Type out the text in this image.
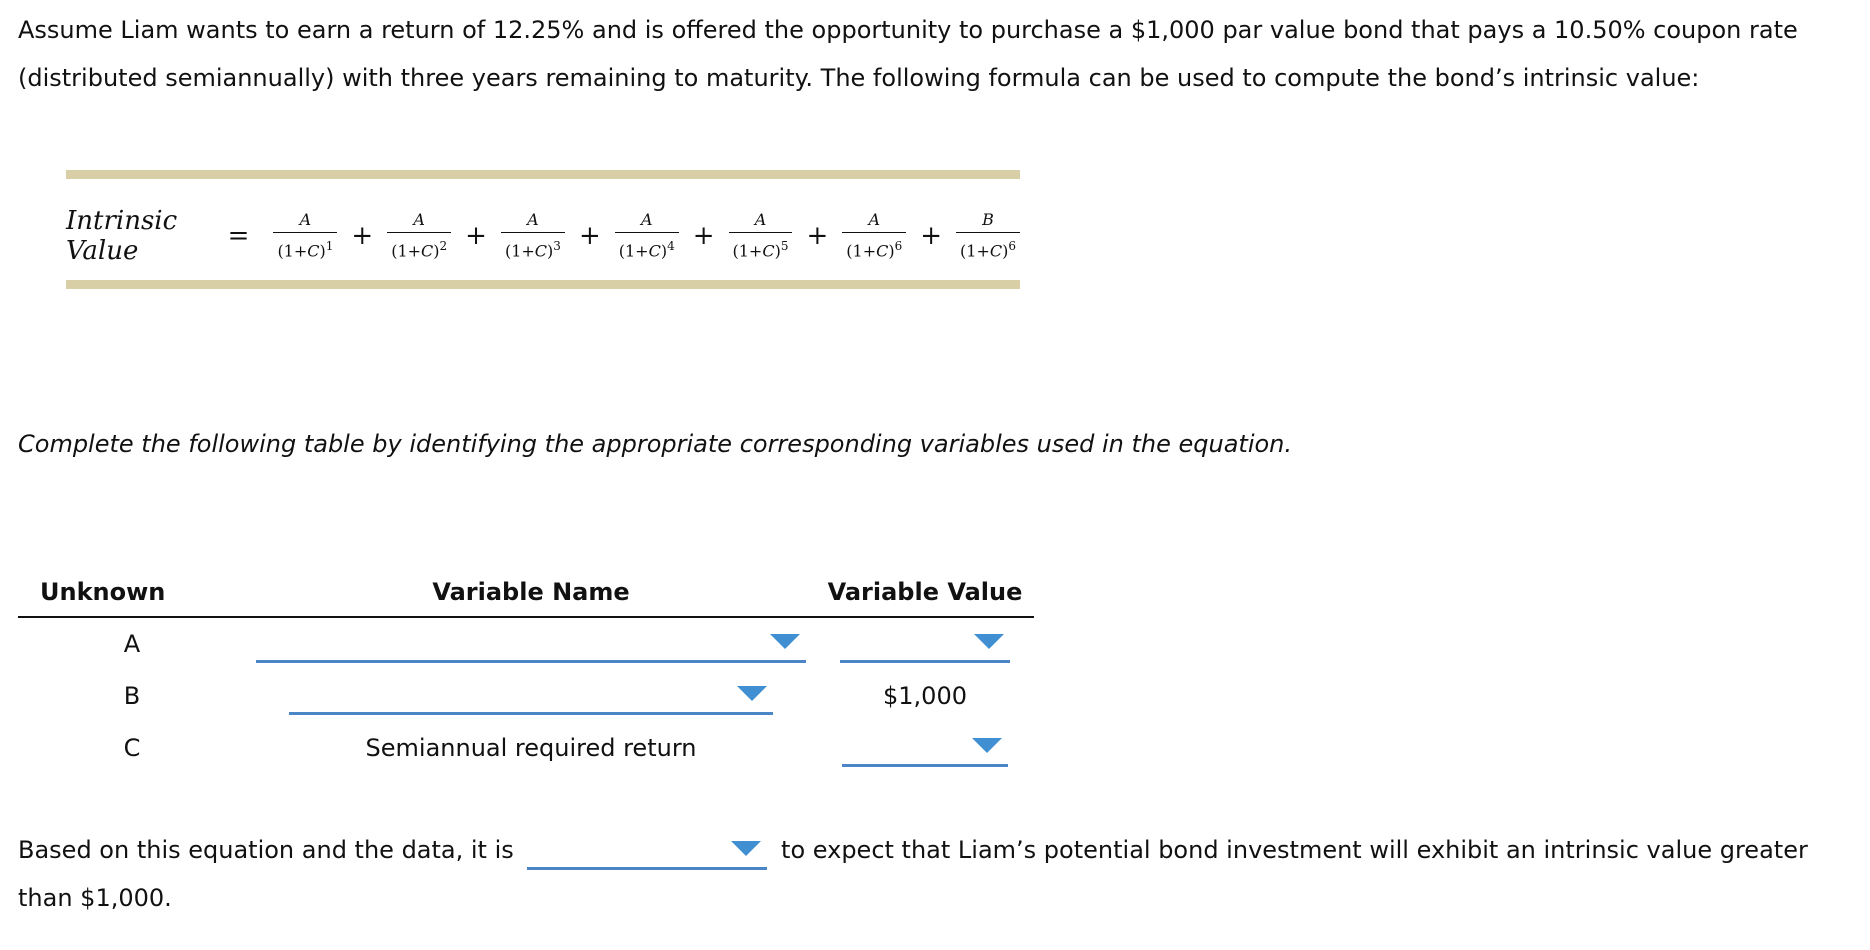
Assume Liam wants to earn a return of 12.25% and is offered the opportunity to purchase a $1,000 par value bond that pays a 10.50% coupon rate (distributed semiannually) with three years remaining to maturity. The following formula can be used to compute the bond’s intrinsic value:

Intrinsic Value	= $\frac{A}{(1+C)^1} + \frac{A}{(1+C)^2} + \frac{A}{(1+C)^3} + \frac{A}{(1+C)^4} + \frac{A}{(1+C)^5} + \frac{A}{(1+C)^6} + \frac{B}{(1+C)^6}$

Complete the following table by identifying the appropriate corresponding variables used in the equation.

Unknown	Variable Name	Variable Value
A	

B		$1,000
C	Semiannual required return	

Based on this equation and the data, it is	to expect that Liam’s potential bond investment will exhibit an intrinsic value greater than $1,000.
